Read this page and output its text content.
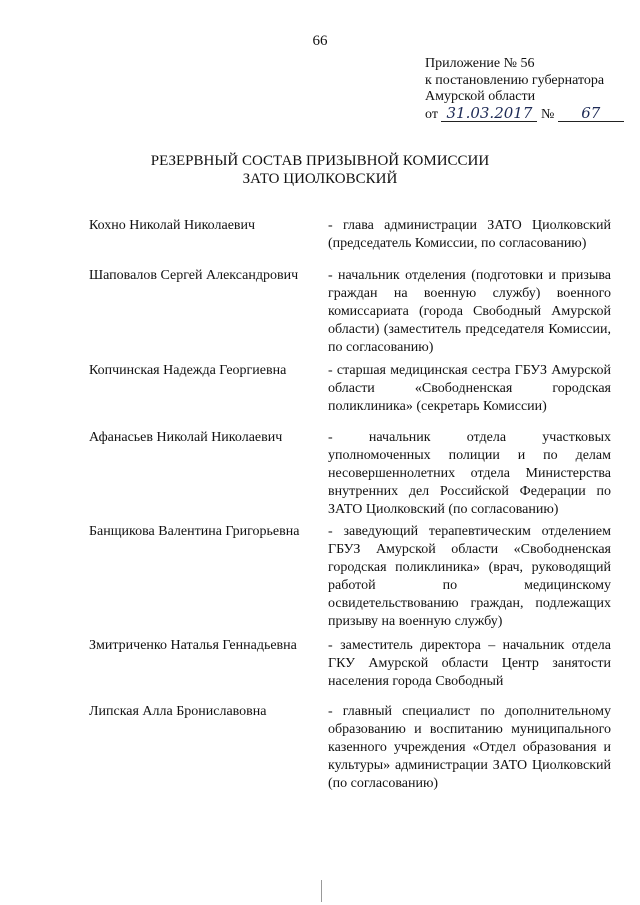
66
Приложение № 56
к постановлению губернатора
Амурской области
от 31.03.2017 № 67
РЕЗЕРВНЫЙ СОСТАВ ПРИЗЫВНОЙ КОМИССИИ
ЗАТО ЦИОЛКОВСКИЙ
Кохно Николай Николаевич	- глава администрации ЗАТО Циолковский (председатель Комиссии, по согласованию)
Шаповалов Сергей Александрович	- начальник отделения (подготовки и призыва граждан на военную службу) военного комиссариата (города Свободный Амурской области) (заместитель председателя Комиссии, по согласованию)
Копчинская Надежда Георгиевна	- старшая медицинская сестра ГБУЗ Амурской области «Свободненская городская поликлиника» (секретарь Комиссии)
Афанасьев Николай Николаевич	- начальник отдела участковых уполномоченных полиции и по делам несовершеннолетних отдела Министерства внутренних дел Российской Федерации по ЗАТО Циолковский (по согласованию)
Банщикова Валентина Григорьевна	- заведующий терапевтическим отделением ГБУЗ Амурской области «Свободненская городская поликлиника» (врач, руководящий работой по медицинскому освидетельствованию граждан, подлежащих призыву на военную службу)
Змитриченко Наталья Геннадьевна	- заместитель директора – начальник отдела ГКУ Амурской области Центр занятости населения города Свободный
Липская Алла Брониславовна	- главный специалист по дополнительному образованию и воспитанию муниципального казенного учреждения «Отдел образования и культуры» администрации ЗАТО Циолковский (по согласованию)
